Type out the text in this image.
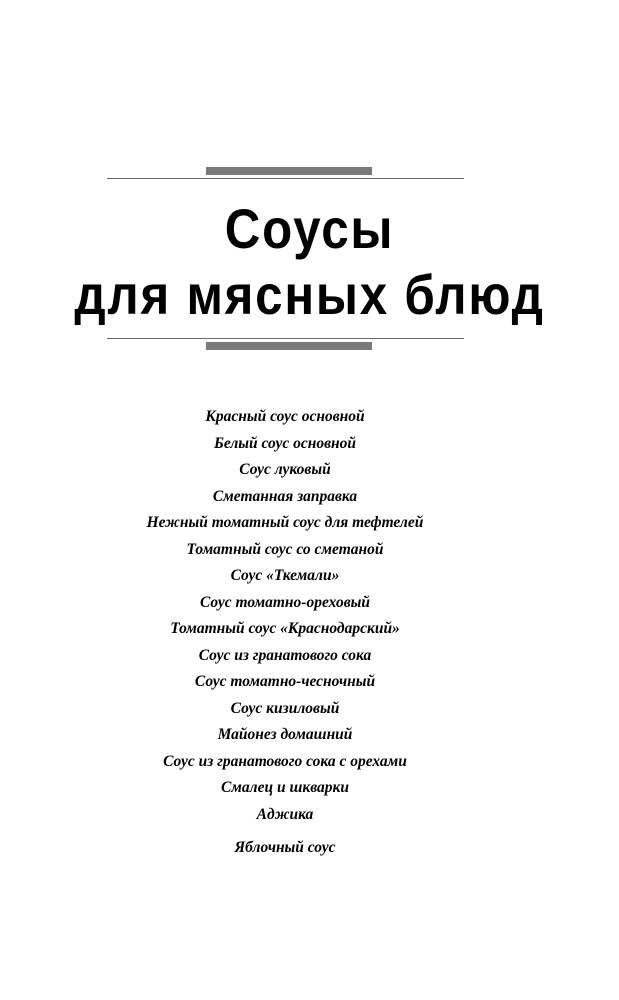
Соусы
для мясных блюд
Красный соус основной
Белый соус основной
Соус луковый
Сметанная заправка
Нежный томатный соус для тефтелей
Томатный соус со сметаной
Соус «Ткемали»
Соус томатно-ореховый
Томатный соус «Краснодарский»
Соус из гранатового сока
Соус томатно-чесночный
Соус кизиловый
Майонез домашний
Соус из гранатового сока с орехами
Смалец и шкварки
Аджика
Яблочный соус
